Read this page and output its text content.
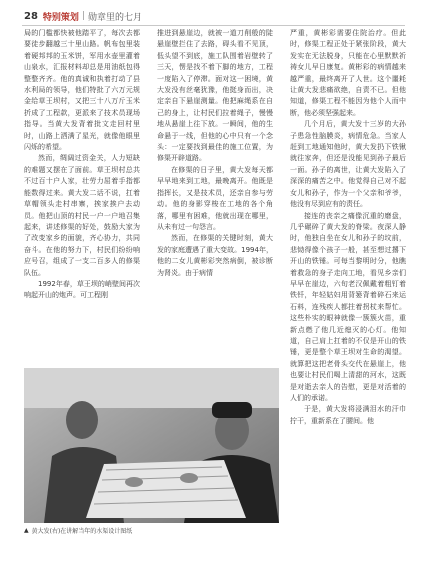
28 特别策划 | 勋章里的七月

局的门槛都快被他踏平了，每次去都要徒步翻越三十里山路。帆布包里装着硬邦邦的玉米饼，军用水壶里灌着山泉水，汇报材料却总是用油纸包得整整齐齐。他的真诚和执着打动了县水利局的领导，他们特批了六万元规金给草王坝村，又把三十八万斤玉米折成了工程款，更派来了技术员现场指导。当黄大发背着批文走回村里时，山路上洒满了星光，就像他眼里闪烁的希望。

然而，绸阔过资金关，人力短缺的难题又摆在了面前。草王坝村总共不过百十户人家，壮劳力屈着手指都能数得过来。黄大发二话不说，扛着草帽领头走村串寨，挨家挨户去动员。他把山顶的村民一户一户地召集起来，讲述修渠的好处，鼓励大家为了改变家乡的面貌，齐心协力，共同奋斗。在他的努力下，村民们纷纷响应号召，组成了一支二百多人的修渠队伍。

1992年春，草王坝的峭壁间再次响起开山的炮声。可工程刚

推进到悬崖边，就被一道刀削般的陡悬崖壁拦住了去路，碍头看不见顶，低头望不到底，施工队围着岩壁转了三天，愣是找不着下脚的地方，工程一度陷入了停滞。面对这一困境，黄大发没有丝毫犹豫，他挺身而出，决定亲自下悬崖测量。他把麻绳系在自己的身上，让村民们拉着绳子，慢慢地从悬崖上往下放。一瞬间，他的生命悬于一线，但他的心中只有一个念头：一定要找到最佳的施工位置，为修渠开辟道路。

在修渠的日子里，黄大发每天都早早地来到工地，最晚离开。他既是指挥长，又是技术员，还亲自参与劳动。他的身影穿梭在工地的各个角落，哪里有困难，他就出现在哪里，从未有过一句怨言。

然而，在修渠的关键时刻，黄大发的家庭遭遇了重大变故。1994年，他的二女儿黄彬彩突然病倒，被诊断为肾炎。由于病情

严重，黄彬彩需要住院治疗。但此时，修渠工程正处于紧张阶段，黄大发实在无法脱身，只能在心里默默祈祷女儿早日康复。黄彬彩的病情越来越严重，最终离开了人世。这个噩耗让黄大发悲痛欲绝，自责不已。但他知道，修渠工程不能因为他个人而中断，他必须坚强起来。

几个月后，黄大发十三岁的大孙子患急性脑膜炎，病情危急。当家人赶到工地通知他时，黄大发扔下铁锹就往家奔，但还是没能见到孙子最后一面。孙子的离世，让黄大发陷入了深深的痛苦之中。他觉得自己对不起女儿和孙子，作为一个父亲和爷爷，他没有尽到应有的责任。

接连的丧亲之痛像沉重的磨盘，几乎碾碎了黄大发的脊梁。夜深人静时，他独自坐在女儿和孙子的坟前，悲恸得像个孩子一般，甚至想过撂下开山的铁锤。可每当黎明时分，他瞧着救急的身子走向工地，看见乡亲们早早在崖边，六旬老汉佩戴着粗钉着铁钎，年轻姑妇用背篓背着碎石来运石料，连残疾人都拄着拐杖来帮忙。这些朴实的眼神就像一簇簇火苗，重新点燃了他几近熄灭的心灯。他知道，自己肩上扛着的不仅是开山的铁锤，更是整个草王坝对生命的渴望。就算把这把老骨头交代在悬崖上，他也要让村民们喝上清甜的河水，这既是对逝去亲人的告慰，更是对活着的人们的承诺。

于是，黄大发将浸满泪水的汗巾拧干，重新系在了腰间。他

▲ 黄大发(右)在讲解当年的水渠设计图纸
